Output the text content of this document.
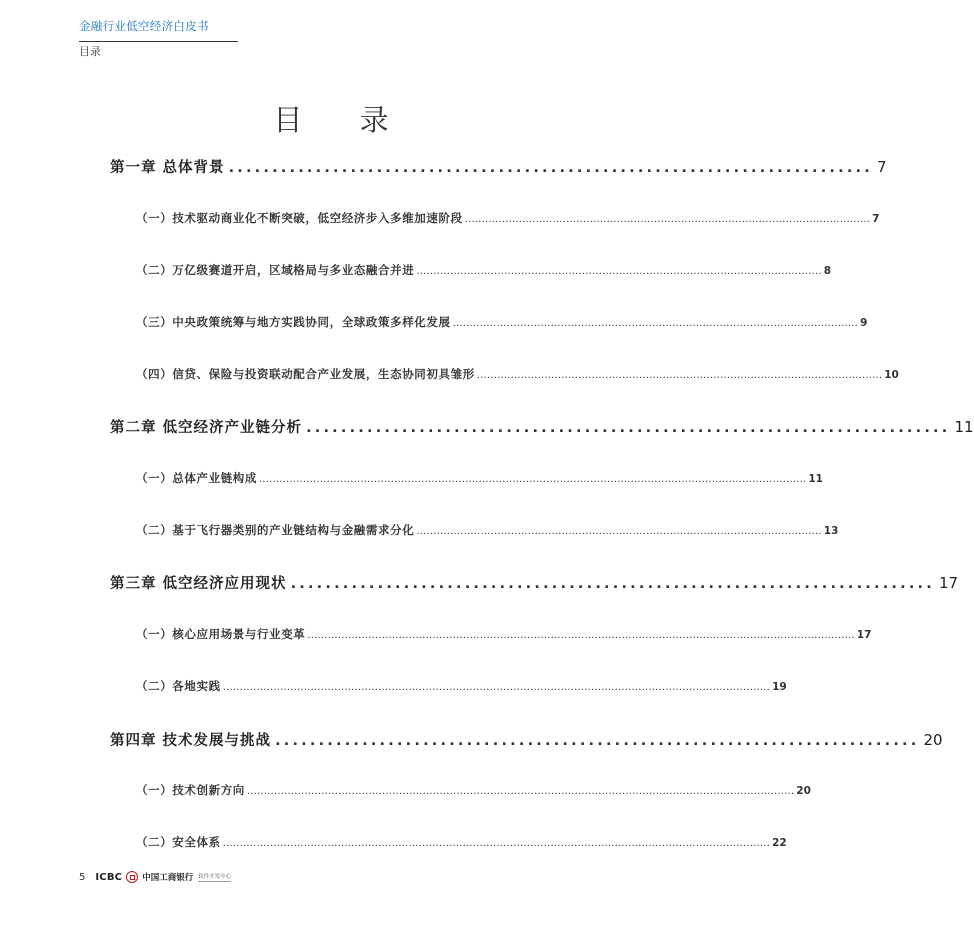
金融行业低空经济白皮书
目录
目 录
第一章 总体背景 .......................................................................... 7
（一）技术驱动商业化不断突破，低空经济步入多维加速阶段 ........................................................................................................................ 7
（二）万亿级赛道开启，区域格局与多业态融合并进 ........................................................................................................................ 8
（三）中央政策统筹与地方实践协同，全球政策多样化发展 ........................................................................................................................ 9
（四）信贷、保险与投资联动配合产业发展，生态协同初具雏形 ........................................................................................................................ 10
第二章 低空经济产业链分析 .......................................................................... 11
（一）总体产业链构成 .................................................................................................................................................................. 11
（二）基于飞行器类别的产业链结构与金融需求分化 ........................................................................................................................ 13
第三章 低空经济应用现状 .......................................................................... 17
（一）核心应用场景与行业变革 .................................................................................................................................................................. 17
（二）各地实践 .................................................................................................................................................................. 19
第四章 技术发展与挑战 .......................................................................... 20
（一）技术创新方向 .................................................................................................................................................................. 20
（二）安全体系 .................................................................................................................................................................. 22
5 ICBC 中国工商银行 软件开发中心
